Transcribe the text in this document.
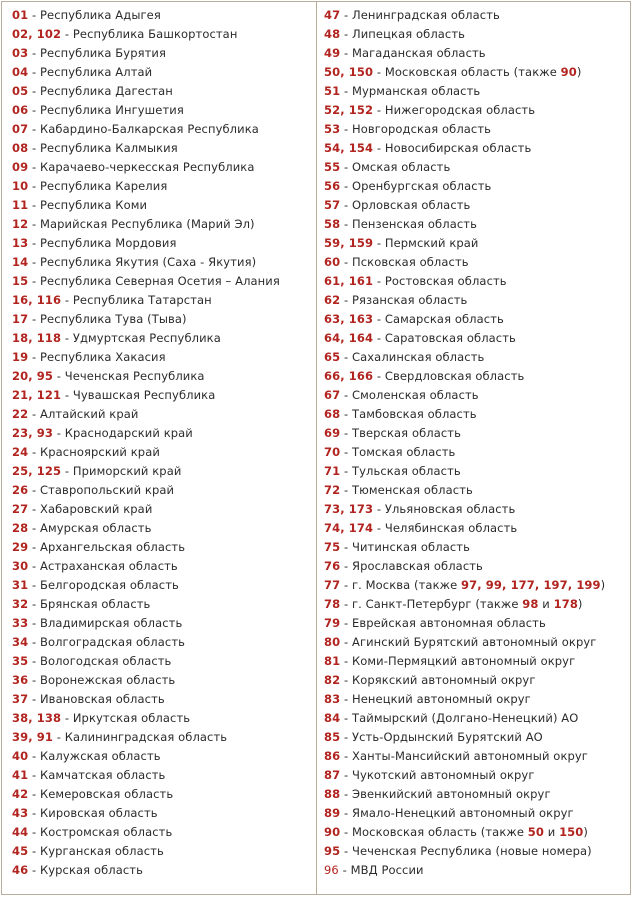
01 - Республика Адыгея
02, 102 - Республика Башкортостан
03 - Республика Бурятия
04 - Республика Алтай
05 - Республика Дагестан
06 - Республика Ингушетия
07 - Кабардино-Балкарская Республика
08 - Республика Калмыкия
09 - Карачаево-черкесская Республика
10 - Республика Карелия
11 - Республика Коми
12 - Марийская Республика (Марий Эл)
13 - Республика Мордовия
14 - Республика Якутия (Саха - Якутия)
15 - Республика Северная Осетия – Алания
16, 116 - Республика Татарстан
17 - Республика Тува (Тыва)
18, 118 - Удмуртская Республика
19 - Республика Хакасия
20, 95 - Чеченская Республика
21, 121 - Чувашская Республика
22 - Алтайский край
23, 93 - Краснодарский край
24 - Красноярский край
25, 125 - Приморский край
26 - Ставропольский край
27 - Хабаровский край
28 - Амурская область
29 - Архангельская область
30 - Астраханская область
31 - Белгородская область
32 - Брянская область
33 - Владимирская область
34 - Волгоградская область
35 - Вологодская область
36 - Воронежская область
37 - Ивановская область
38, 138 - Иркутская область
39, 91 - Калининградская область
40 - Калужская область
41 - Камчатская область
42 - Кемеровская область
43 - Кировская область
44 - Костромская область
45 - Курганская область
46 - Курская область
47 - Ленинградская область
48 - Липецкая область
49 - Магаданская область
50, 150 - Московская область (также 90)
51 - Мурманская область
52, 152 - Нижегородская область
53 - Новгородская область
54, 154 - Новосибирская область
55 - Омская область
56 - Оренбургская область
57 - Орловская область
58 - Пензенская область
59, 159 - Пермский край
60 - Псковская область
61, 161 - Ростовская область
62 - Рязанская область
63, 163 - Самарская область
64, 164 - Саратовская область
65 - Сахалинская область
66, 166 - Свердловская область
67 - Смоленская область
68 - Тамбовская область
69 - Тверская область
70 - Томская область
71 - Тульская область
72 - Тюменская область
73, 173 - Ульяновская область
74, 174 - Челябинская область
75 - Читинская область
76 - Ярославская область
77 - г. Москва (также 97, 99, 177, 197, 199)
78 - г. Санкт-Петербург (также 98 и 178)
79 - Еврейская автономная область
80 - Агинский Бурятский автономный округ
81 - Коми-Пермяцкий автономный округ
82 - Корякский автономный округ
83 - Ненецкий автономный округ
84 - Таймырский (Долгано-Ненецкий) АО
85 - Усть-Ордынский Бурятский АО
86 - Ханты-Мансийский автономный округ
87 - Чукотский автономный округ
88 - Эвенкийский автономный округ
89 - Ямало-Ненецкий автономный округ
90 - Московская область (также 50 и 150)
95 - Чеченская Республика (новые номера)
96 - МВД России
